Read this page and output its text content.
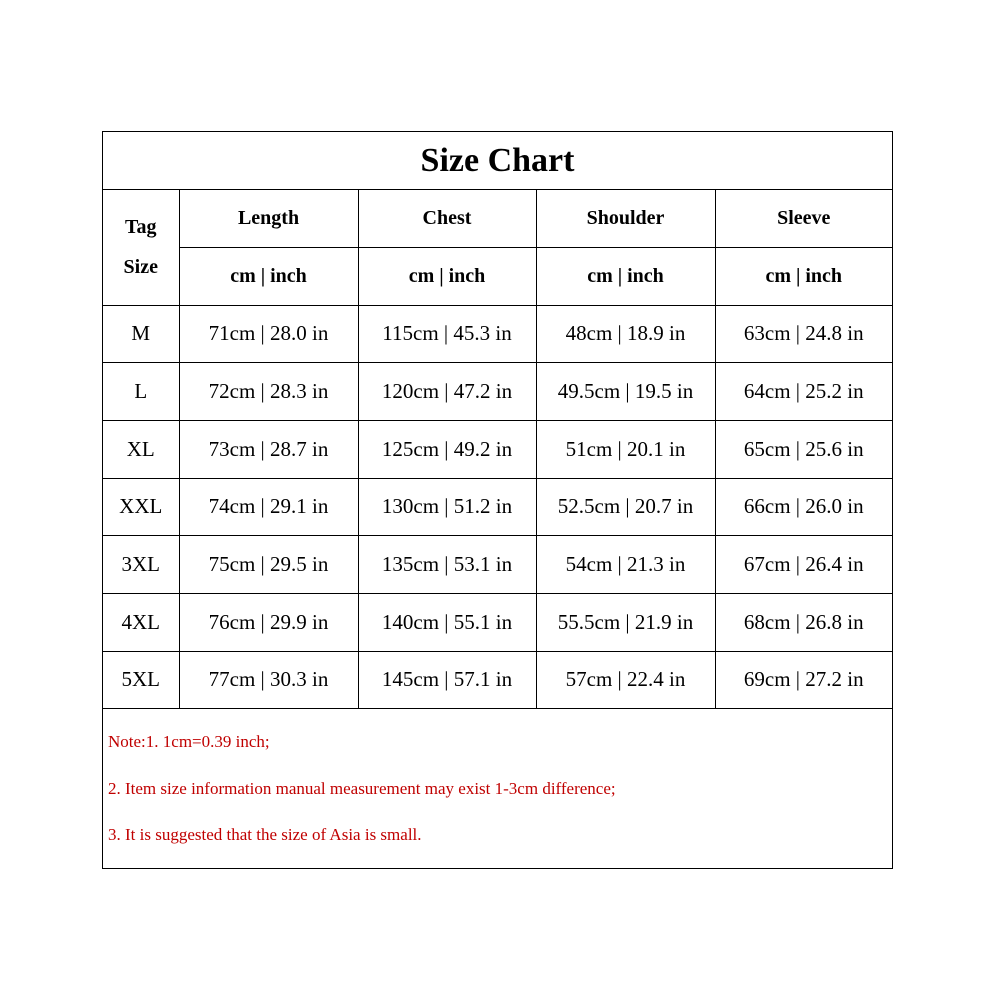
Size Chart
Tag
Size	Length	Chest	Shoulder	Sleeve
	cm | inch	cm | inch	cm | inch	cm | inch
M	71cm | 28.0 in	115cm | 45.3 in	48cm | 18.9 in	63cm | 24.8 in
L	72cm | 28.3 in	120cm | 47.2 in	49.5cm | 19.5 in	64cm | 25.2 in
XL	73cm | 28.7 in	125cm | 49.2 in	51cm | 20.1 in	65cm | 25.6 in
XXL	74cm | 29.1 in	130cm | 51.2 in	52.5cm | 20.7 in	66cm | 26.0 in
3XL	75cm | 29.5 in	135cm | 53.1 in	54cm | 21.3 in	67cm | 26.4 in
4XL	76cm | 29.9 in	140cm | 55.1 in	55.5cm | 21.9 in	68cm | 26.8 in
5XL	77cm | 30.3 in	145cm | 57.1 in	57cm | 22.4 in	69cm | 27.2 in
Note:1. 1cm=0.39 inch;
2. Item size information manual measurement may exist 1-3cm difference;
3. It is suggested that the size of Asia is small.
